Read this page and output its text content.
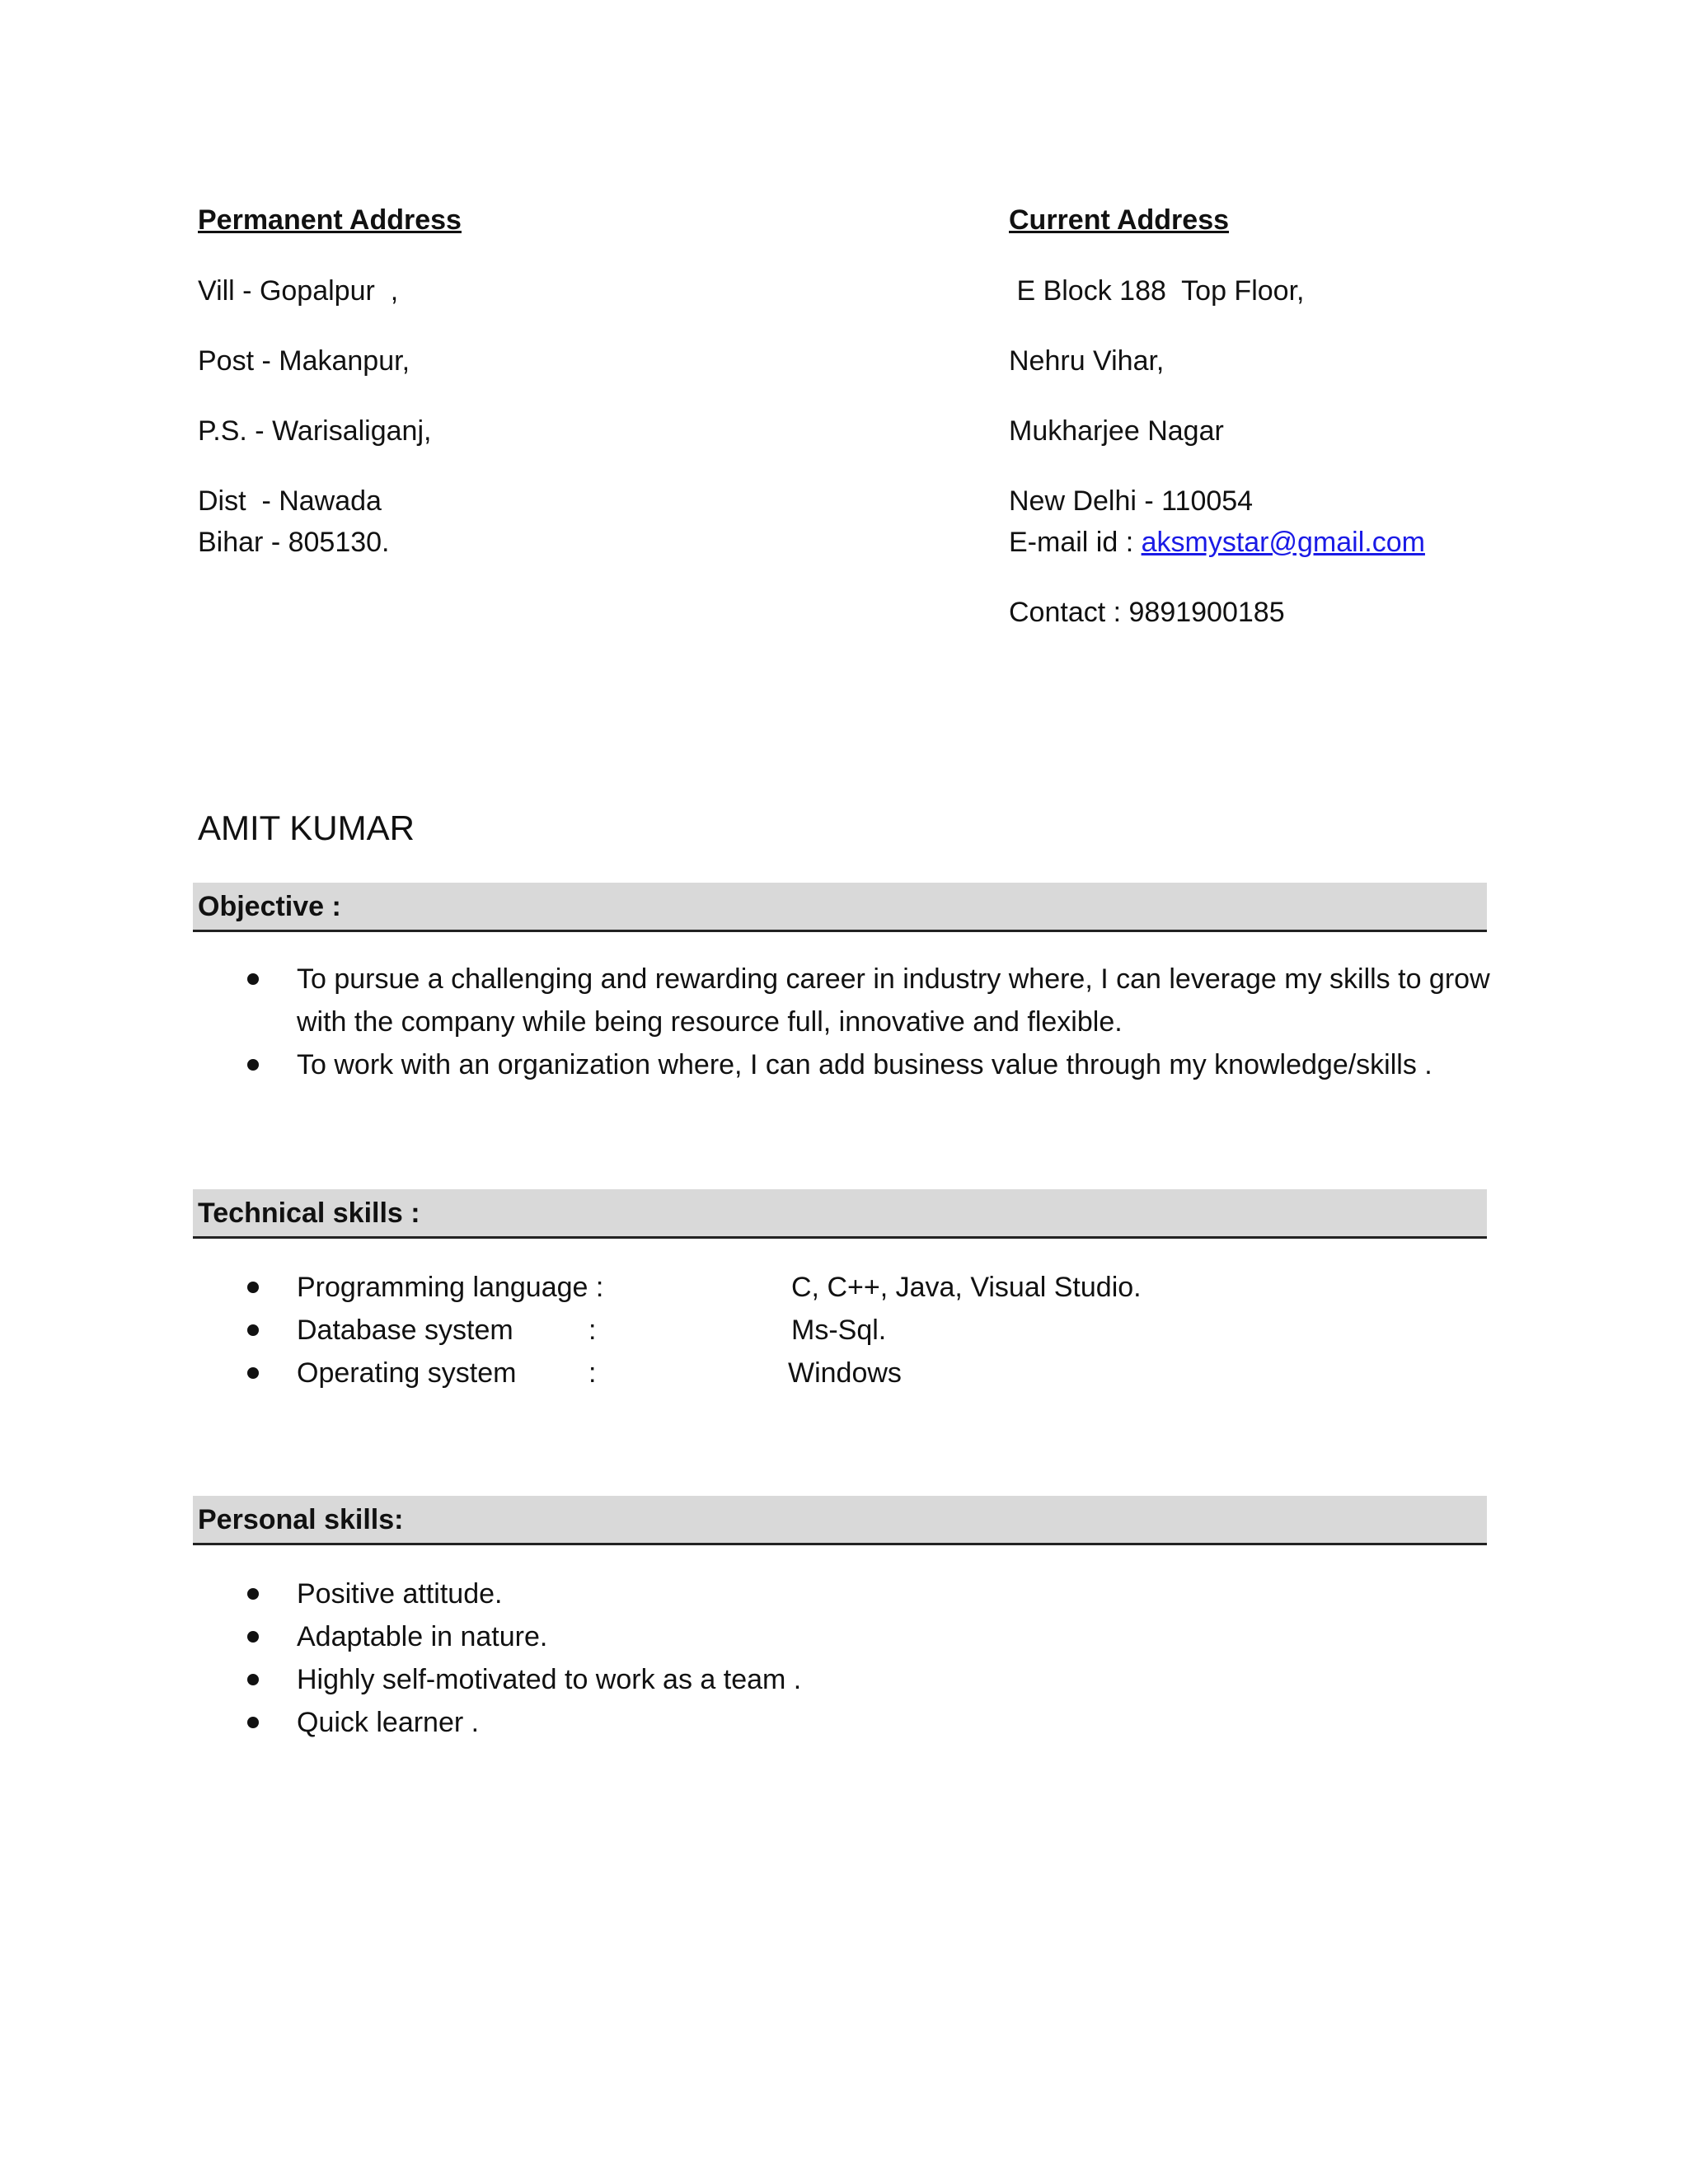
Permanent Address

Vill - Gopalpur  ,

Post - Makanpur,

P.S. - Warisaliganj,

Dist  - Nawada

Bihar - 805130.

Current Address

E Block 188  Top Floor,

Nehru Vihar,

Mukharjee Nagar

New Delhi - 110054

E-mail id : aksmystar@gmail.com

Contact : 9891900185

AMIT KUMAR
Objective :
To pursue a challenging and rewarding career in industry where, I can leverage my skills to grow with the company while being resource full, innovative and flexible.
To work with an organization where, I can add business value through my knowledge/skills .
Technical skills :
Programming language :	C, C++, Java, Visual Studio.
Database system	:	Ms-Sql.
Operating system	:	Windows
Personal skills:
Positive attitude.
Adaptable in nature.
Highly self-motivated to work as a team .
Quick learner .
